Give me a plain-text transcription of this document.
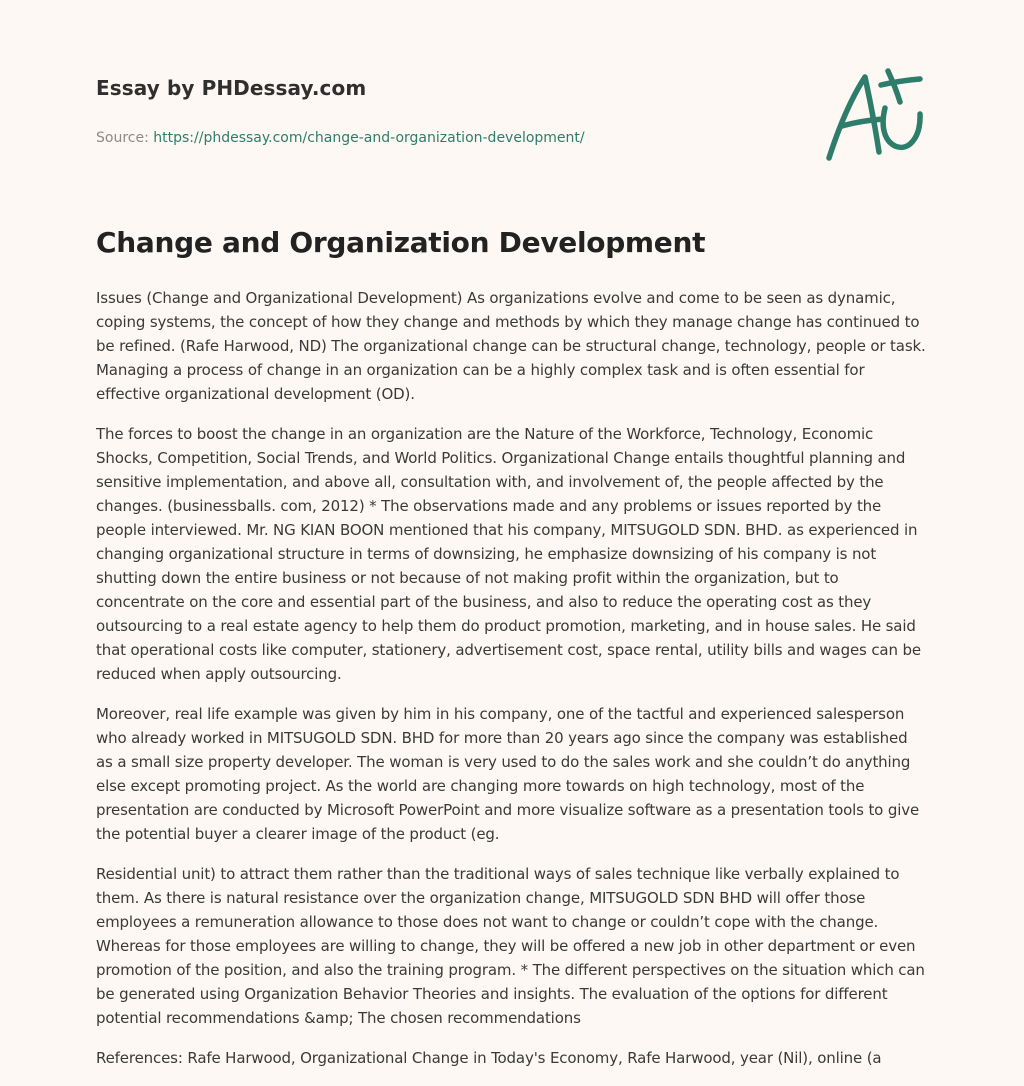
Essay by PHDessay.com
Source: https://phdessay.com/change-and-organization-development/
Change and Organization Development

Issues (Change and Organizational Development) As organizations evolve and come to be seen as dynamic, coping systems, the concept of how they change and methods by which they manage change has continued to be refined. (Rafe Harwood, ND) The organizational change can be structural change, technology, people or task. Managing a process of change in an organization can be a highly complex task and is often essential for effective organizational development (OD).

The forces to boost the change in an organization are the Nature of the Workforce, Technology, Economic Shocks, Competition, Social Trends, and World Politics. Organizational Change entails thoughtful planning and sensitive implementation, and above all, consultation with, and involvement of, the people affected by the changes. (businessballs. com, 2012) * The observations made and any problems or issues reported by the people interviewed. Mr. NG KIAN BOON mentioned that his company, MITSUGOLD SDN. BHD. as experienced in changing organizational structure in terms of downsizing, he emphasize downsizing of his company is not shutting down the entire business or not because of not making profit within the organization, but to concentrate on the core and essential part of the business, and also to reduce the operating cost as they outsourcing to a real estate agency to help them do product promotion, marketing, and in house sales. He said that operational costs like computer, stationery, advertisement cost, space rental, utility bills and wages can be reduced when apply outsourcing.

Moreover, real life example was given by him in his company, one of the tactful and experienced salesperson who already worked in MITSUGOLD SDN. BHD for more than 20 years ago since the company was established as a small size property developer. The woman is very used to do the sales work and she couldn’t do anything else except promoting project. As the world are changing more towards on high technology, most of the presentation are conducted by Microsoft PowerPoint and more visualize software as a presentation tools to give the potential buyer a clearer image of the product (eg.

Residential unit) to attract them rather than the traditional ways of sales technique like verbally explained to them. As there is natural resistance over the organization change, MITSUGOLD SDN BHD will offer those employees a remuneration allowance to those does not want to change or couldn’t cope with the change. Whereas for those employees are willing to change, they will be offered a new job in other department or even promotion of the position, and also the training program. * The different perspectives on the situation which can be generated using Organization Behavior Theories and insights. The evaluation of the options for different potential recommendations &amp; The chosen recommendations

References: Rafe Harwood, Organizational Change in Today's Economy, Rafe Harwood, year (Nil), online (a
